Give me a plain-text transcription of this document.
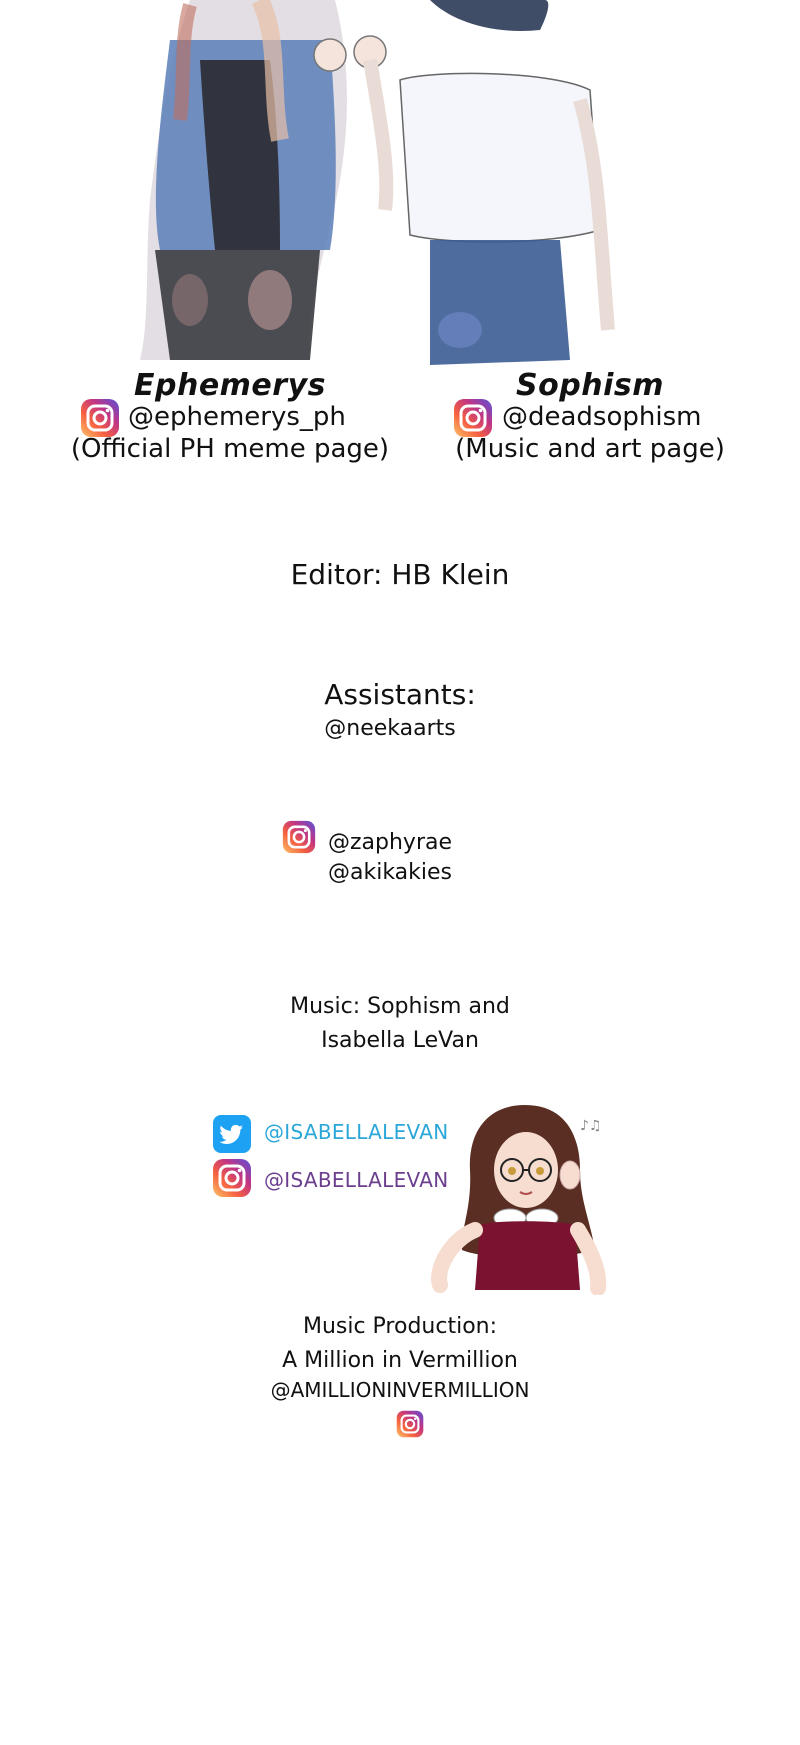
Ephemerys
@ephemerys_ph
(Official PH meme page)
Sophism
@deadsophism
(Music and art page)
Editor: HB Klein
Assistants:
@neekaarts
@zaphyrae
@akikakies
Music: Sophism and
Isabella LeVan
@ISABELLALEVAN
@ISABELLALEVAN
♪♫
Music Production:
A Million in Vermillion
@AMILLIONINVERMILLION
